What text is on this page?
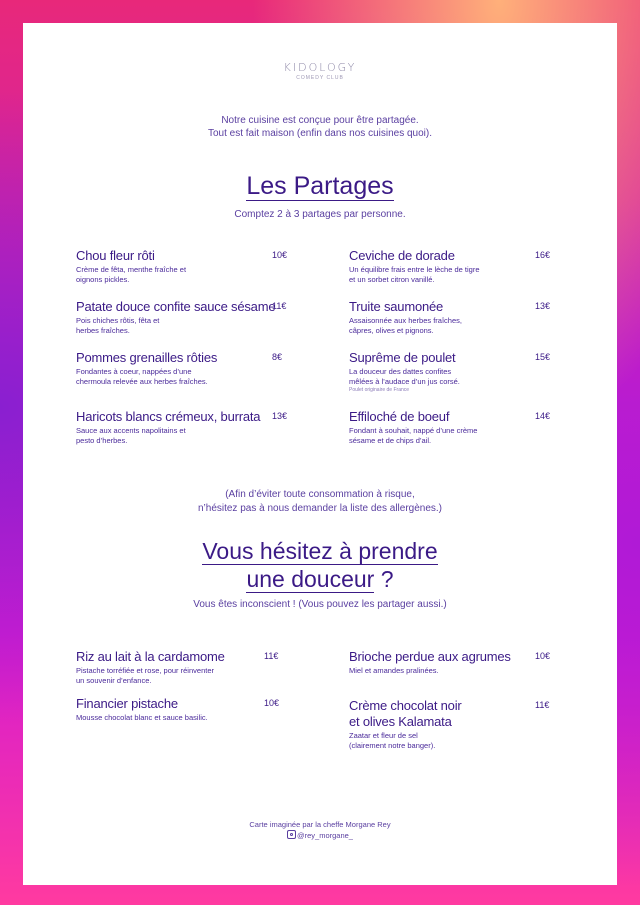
KIDOLOGY
COMEDY CLUB
Notre cuisine est conçue pour être partagée.
Tout est fait maison (enfin dans nos cuisines quoi).
Les Partages
Comptez 2 à 3 partages par personne.
Chou fleur rôti
Crème de fêta, menthe fraîche et
oignons pickles.
10€
Patate douce confite sauce sésame
Pois chiches rôtis, fêta et
herbes fraîches.
11€
Pommes grenailles rôties
Fondantes à coeur, nappées d’une
chermoula relevée aux herbes fraîches.
8€
Haricots blancs crémeux, burrata
Sauce aux accents napolitains et
pesto d’herbes.
13€
Ceviche de dorade
Un équilibre frais entre le lèche de tigre
et un sorbet citron vanillé.
16€
Truite saumonée
Assaisonnée aux herbes fraîches,
câpres, olives et pignons.
13€
Suprême de poulet
La douceur des dattes confites
mêlées à l’audace d’un jus corsé.
Poulet originaire de France
15€
Effiloché de boeuf
Fondant à souhait, nappé d’une crème
sésame et de chips d’ail.
14€
(Afin d’éviter toute consommation à risque,
n’hésitez pas à nous demander la liste des allergènes.)
Vous hésitez à prendre
une douceur ?
Vous êtes inconscient ! (Vous pouvez les partager aussi.)
Riz au lait à la cardamome
Pistache torréfiée et rose, pour réinventer
un souvenir d’enfance.
11€
Financier pistache
Mousse chocolat blanc et sauce basilic.
10€
Brioche perdue aux agrumes
Miel et amandes pralinées.
10€
Crème chocolat noir
et olives Kalamata
Zaatar et fleur de sel
(clairement notre banger).
11€
Carte imaginée par la cheffe Morgane Rey
@rey_morgane_
